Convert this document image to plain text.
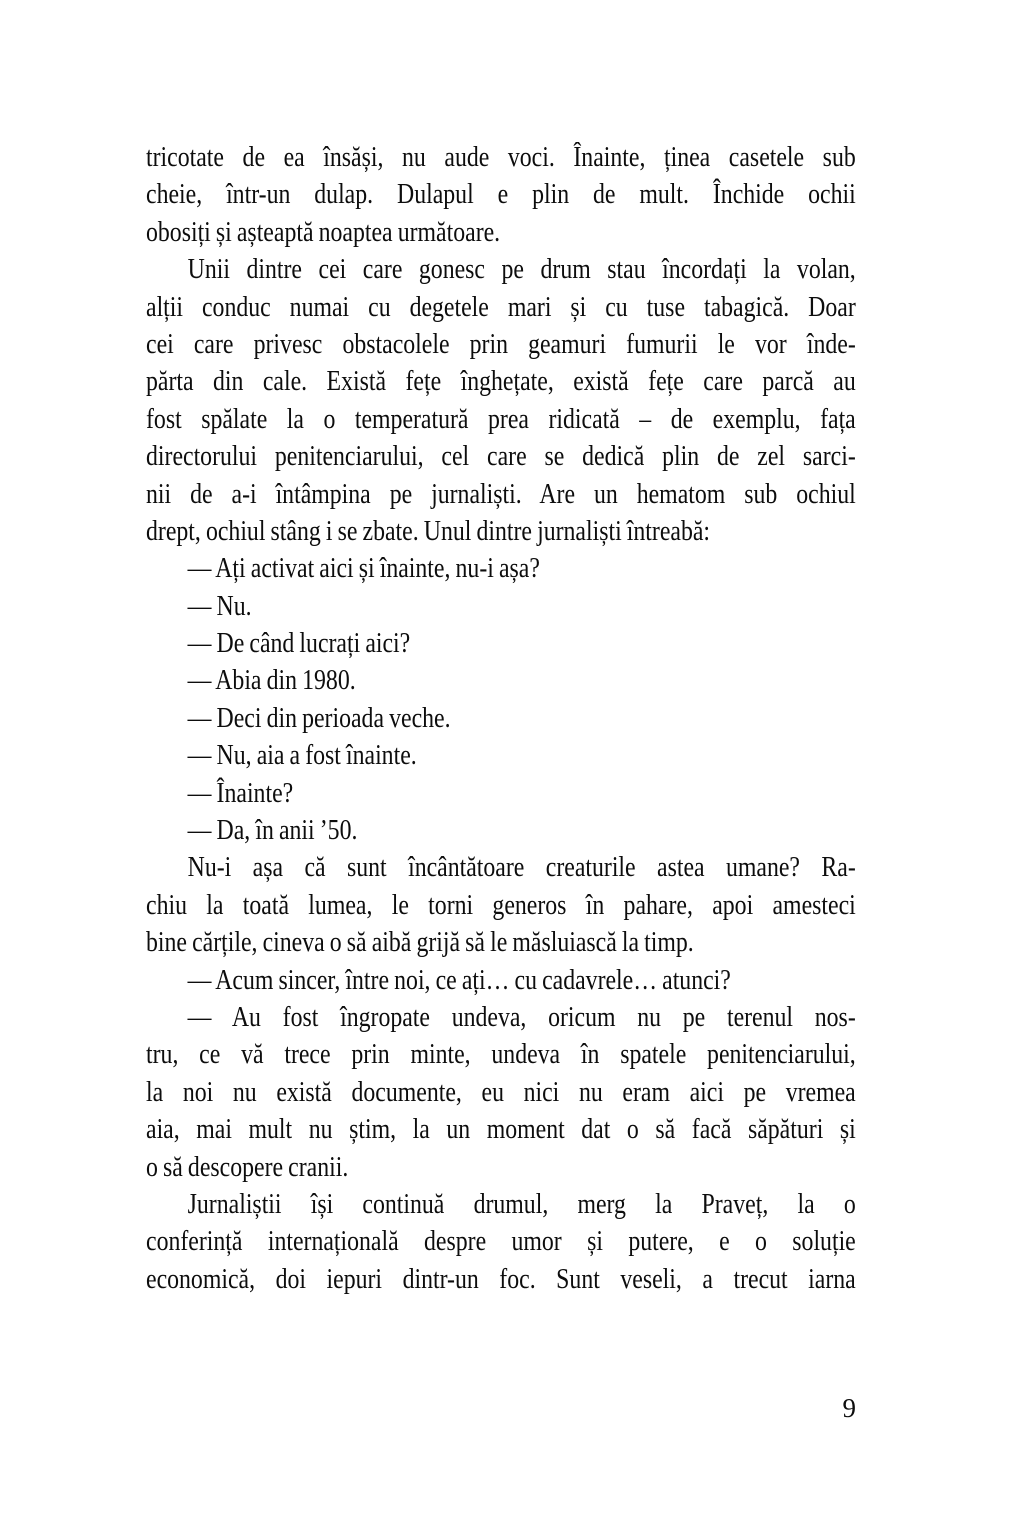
tricotate de ea însăși, nu aude voci. Înainte, ținea casetele sub
cheie, într-un dulap. Dulapul e plin de mult. Închide ochii
obosiți și așteaptă noaptea următoare.
Unii dintre cei care gonesc pe drum stau încordați la volan,
alții conduc numai cu degetele mari și cu tuse tabagică. Doar
cei care privesc obstacolele prin geamuri fumurii le vor înde-
părta din cale. Există fețe înghețate, există fețe care parcă au
fost spălate la o temperatură prea ridicată – de exemplu, fața
directorului penitenciarului, cel care se dedică plin de zel sarci-
nii de a-i întâmpina pe jurnaliști. Are un hematom sub ochiul
drept, ochiul stâng i se zbate. Unul dintre jurnaliști întreabă:
— Ați activat aici și înainte, nu-i așa?
— Nu.
— De când lucrați aici?
— Abia din 1980.
— Deci din perioada veche.
— Nu, aia a fost înainte.
— Înainte?
— Da, în anii ’50.
Nu-i așa că sunt încântătoare creaturile astea umane? Ra-
chiu la toată lumea, le torni generos în pahare, apoi amesteci
bine cărțile, cineva o să aibă grijă să le măsluiască la timp.
— Acum sincer, între noi, ce ați… cu cadavrele… atunci?
— Au fost îngropate undeva, oricum nu pe terenul nos-
tru, ce vă trece prin minte, undeva în spatele penitenciarului,
la noi nu există documente, eu nici nu eram aici pe vremea
aia, mai mult nu știm, la un moment dat o să facă săpături și
o să descopere cranii.
Jurnaliștii își continuă drumul, merg la Praveț, la o
conferință internațională despre umor și putere, e o soluție
economică, doi iepuri dintr-un foc. Sunt veseli, a trecut iarna
9
